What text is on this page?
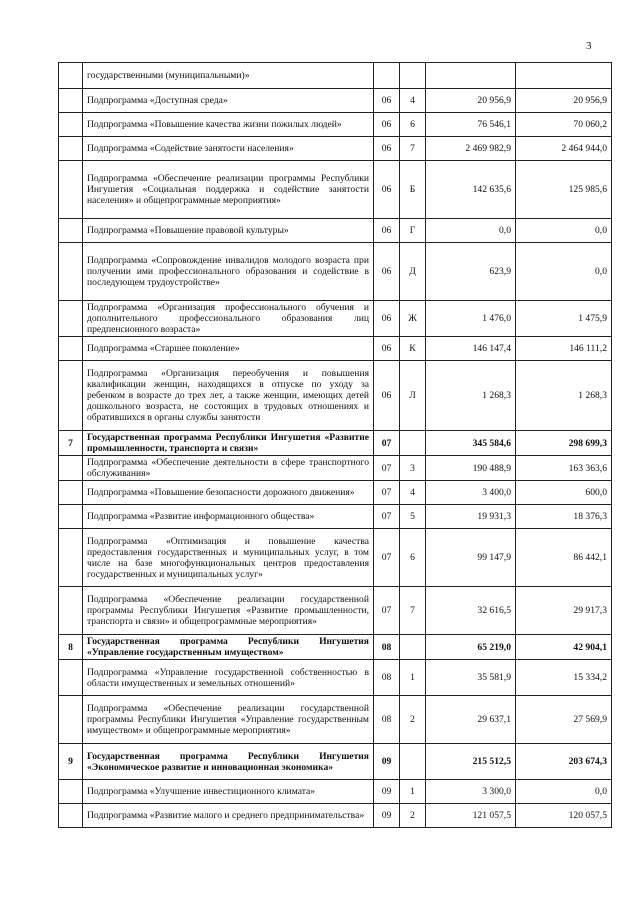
3
	государственными (муниципальными)»				
	Подпрограмма «Доступная среда»	06	4	20 956,9	20 956,9
	Подпрограмма «Повышение качества жизни пожилых людей»	06	6	76 546,1	70 060,2
	Подпрограмма «Содействие занятости населения»	06	7	2 469 982,9	2 464 944,0
	Подпрограмма «Обеспечение реализации программы Республики Ингушетия «Социальная поддержка и содействие занятости населения» и общепрограммные мероприятия»	06	Б	142 635,6	125 985,6
	Подпрограмма «Повышение правовой культуры»	06	Г	0,0	0,0
	Подпрограмма «Сопровождение инвалидов молодого возраста при получении ими профессионального образования и содействие в последующем трудоустройстве»	06	Д	623,9	0,0
	Подпрограмма «Организация профессионального обучения и дополнительного профессионального образования лиц предпенсионного возраста»	06	Ж	1 476,0	1 475,9
	Подпрограмма «Старшее поколение»	06	К	146 147,4	146 111,2
	Подпрограмма «Организация переобучения и повышения квалификации женщин, находящихся в отпуске по уходу за ребенком в возрасте до трех лет, а также женщин, имеющих детей дошкольного возраста, не состоящих в трудовых отношениях и обратившихся в органы службы занятости	06	Л	1 268,3	1 268,3
7	Государственная программа Республики Ингушетия «Развитие промышленности, транспорта и связи»	07		345 584,6	298 699,3
	Подпрограмма «Обеспечение деятельности в сфере транспортного обслуживания»	07	3	190 488,9	163 363,6
	Подпрограмма «Повышение безопасности дорожного движения»	07	4	3 400,0	600,0
	Подпрограмма «Развитие информационного общества»	07	5	19 931,3	18 376,3
	Подпрограмма «Оптимизация и повышение качества предоставления государственных и муниципальных услуг, в том числе на базе многофункциональных центров предоставления государственных и муниципальных услуг»	07	6	99 147,9	86 442,1
	Подпрограмма «Обеспечение реализации государственной программы Республики Ингушетия «Развитие промышленности, транспорта и связи» и общепрограммные мероприятия»	07	7	32 616,5	29 917,3
8	Государственная программа Республики Ингушетия «Управление государственным имуществом»	08		65 219,0	42 904,1
	Подпрограмма «Управление государственной собственностью в области имущественных и земельных отношений»	08	1	35 581,9	15 334,2
	Подпрограмма «Обеспечение реализации государственной программы Республики Ингушетия «Управление государственным имуществом» и общепрограммные мероприятия»	08	2	29 637,1	27 569,9
9	Государственная программа Республики Ингушетия «Экономическое развитие и инновационная экономика»	09		215 512,5	203 674,3
	Подпрограмма «Улучшение инвестиционного климата»	09	1	3 300,0	0,0
	Подпрограмма «Развитие малого и среднего предпринимательства»	09	2	121 057,5	120 057,5
